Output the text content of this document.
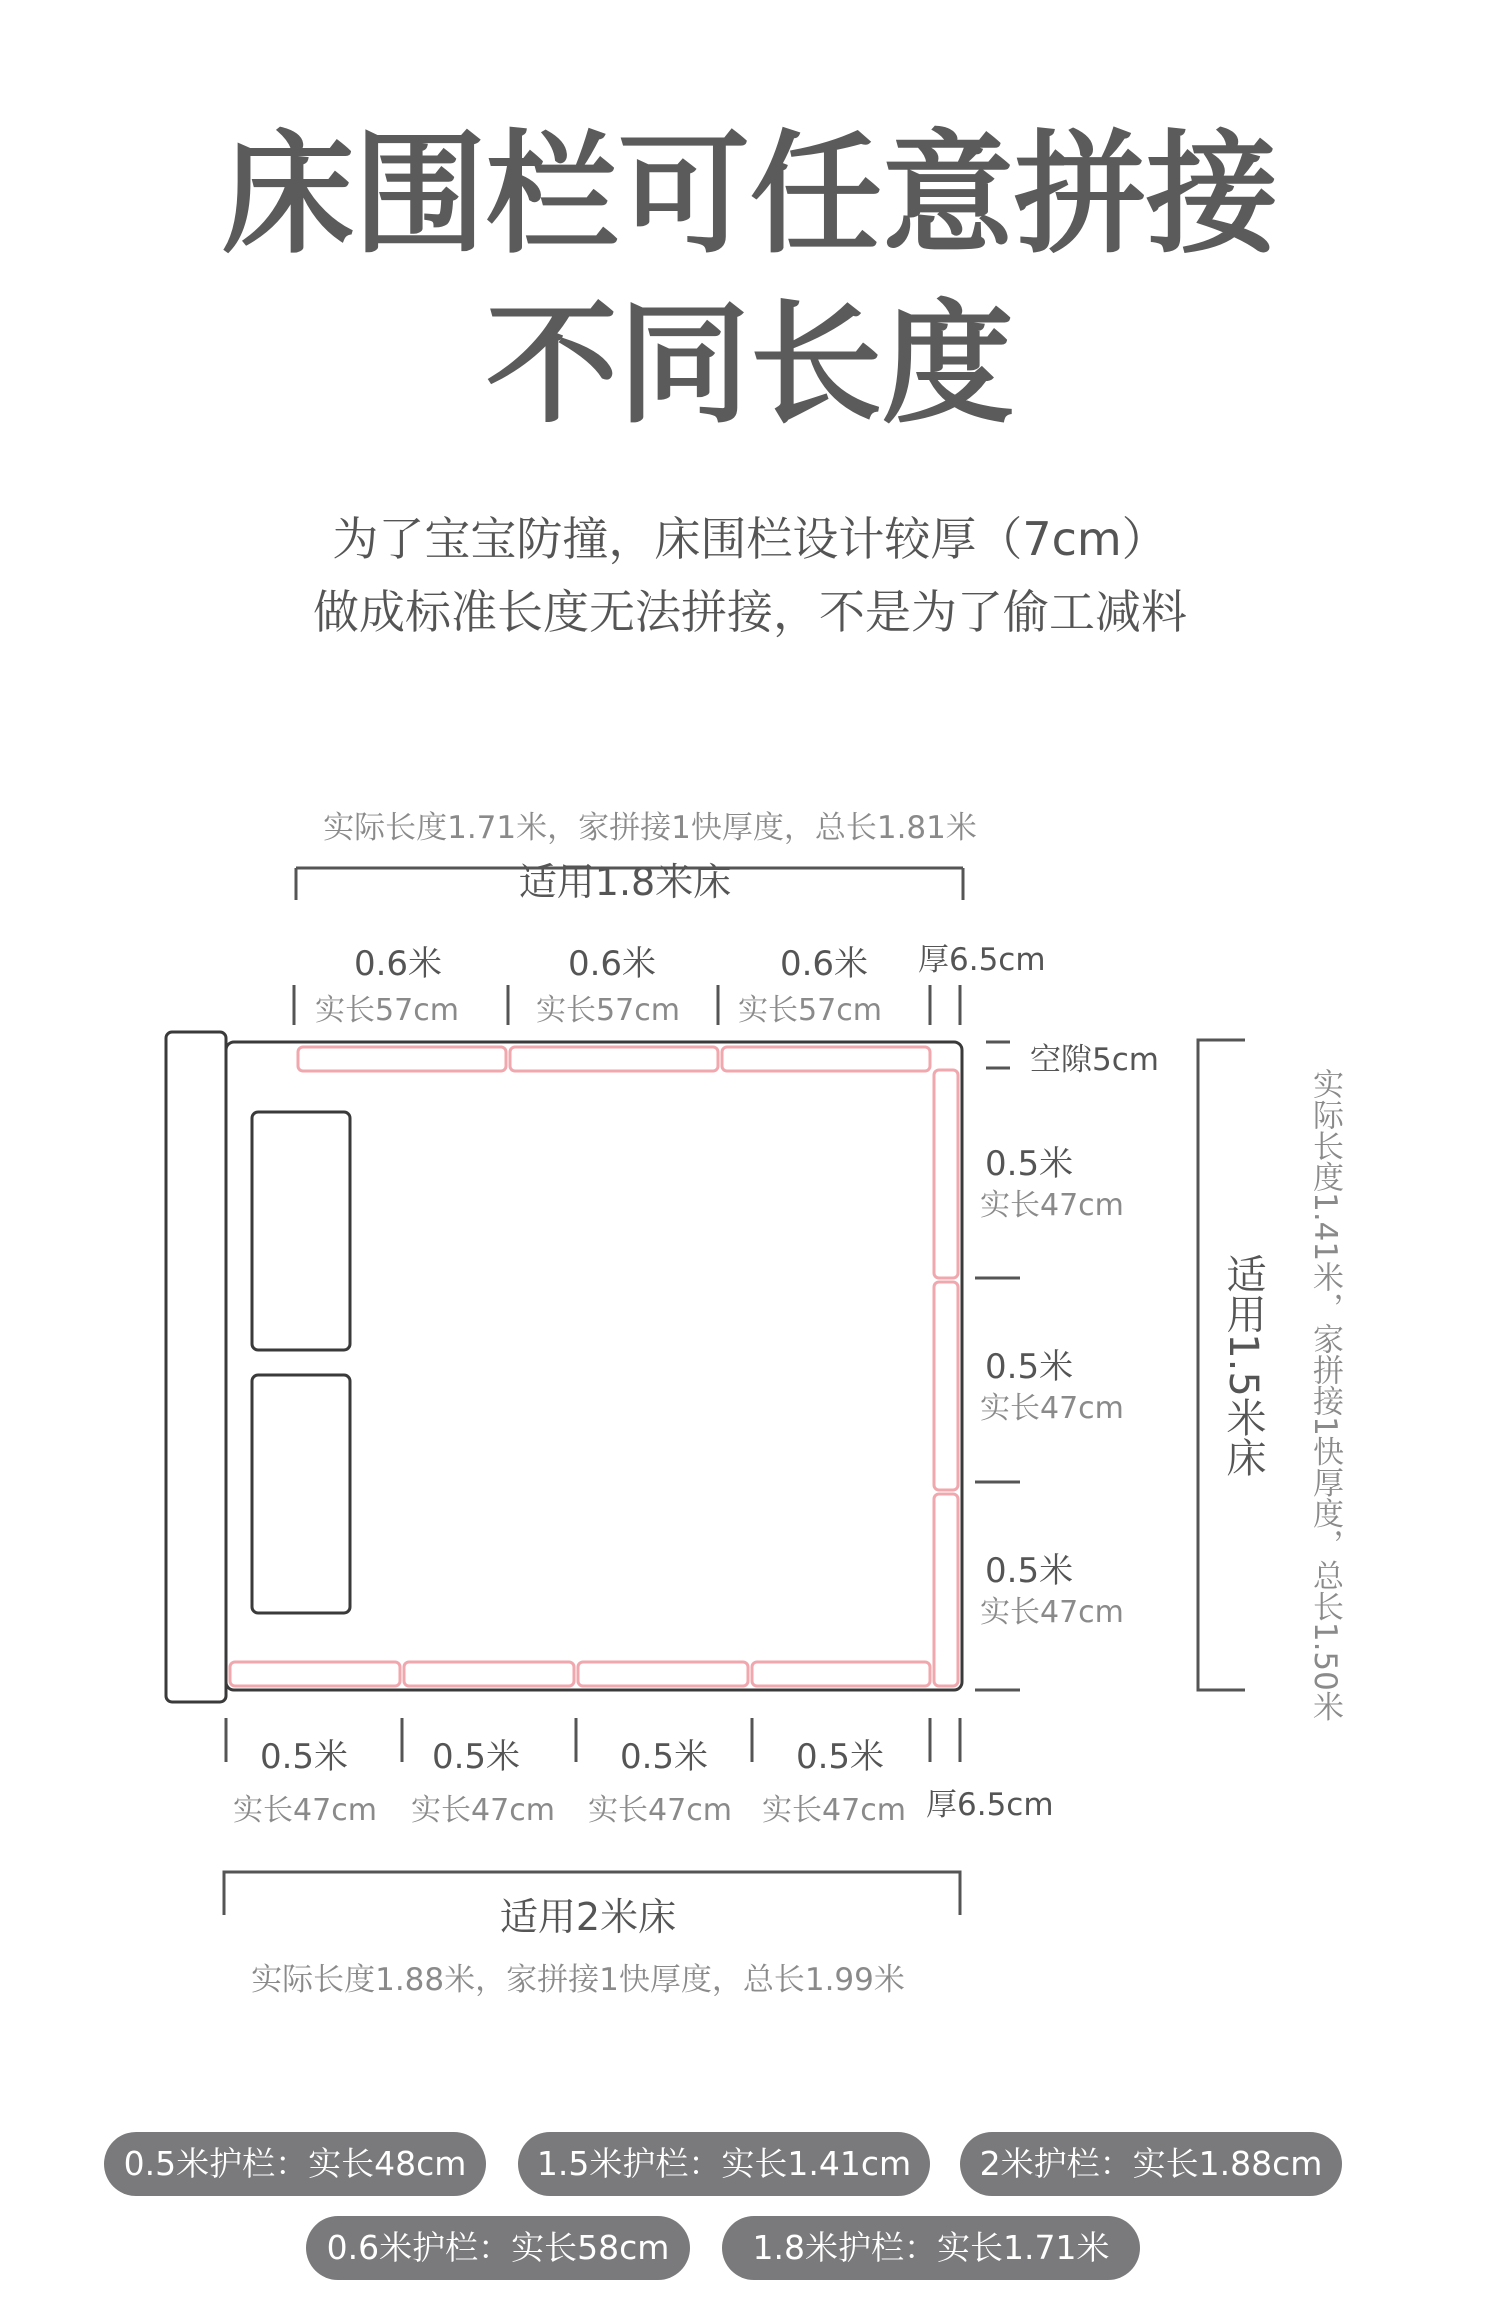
床围栏可任意拼接
不同长度
为了宝宝防撞，床围栏设计较厚（7cm）
做成标准长度无法拼接，不是为了偷工减料
实际长度1.71米，家拼接1快厚度，总长1.81米
适用1.8米床
0.6米	0.6米	0.6米
实长57cm	实长57cm 实长57cm
厚6.5cm
空隙5cm
0.5米
实长47cm
0.5米
实长47cm
0.5米
实长47cm
适用1.5米床 实际长度1.41米，家拼接1快厚度，总长1.50米
0.5米 0.5米	0.5米	0.5米
实长47cm 实长47cm 实长47cm 实长47cm 厚6.5cm
适用2米床
实际长度1.88米，家拼接1快厚度，总长1.99米
0.5米护栏：实长48cm	1.5米护栏：实长1.41cm	2米护栏：实长1.88cm
0.6米护栏：实长58cm	1.8米护栏：实长1.71米
